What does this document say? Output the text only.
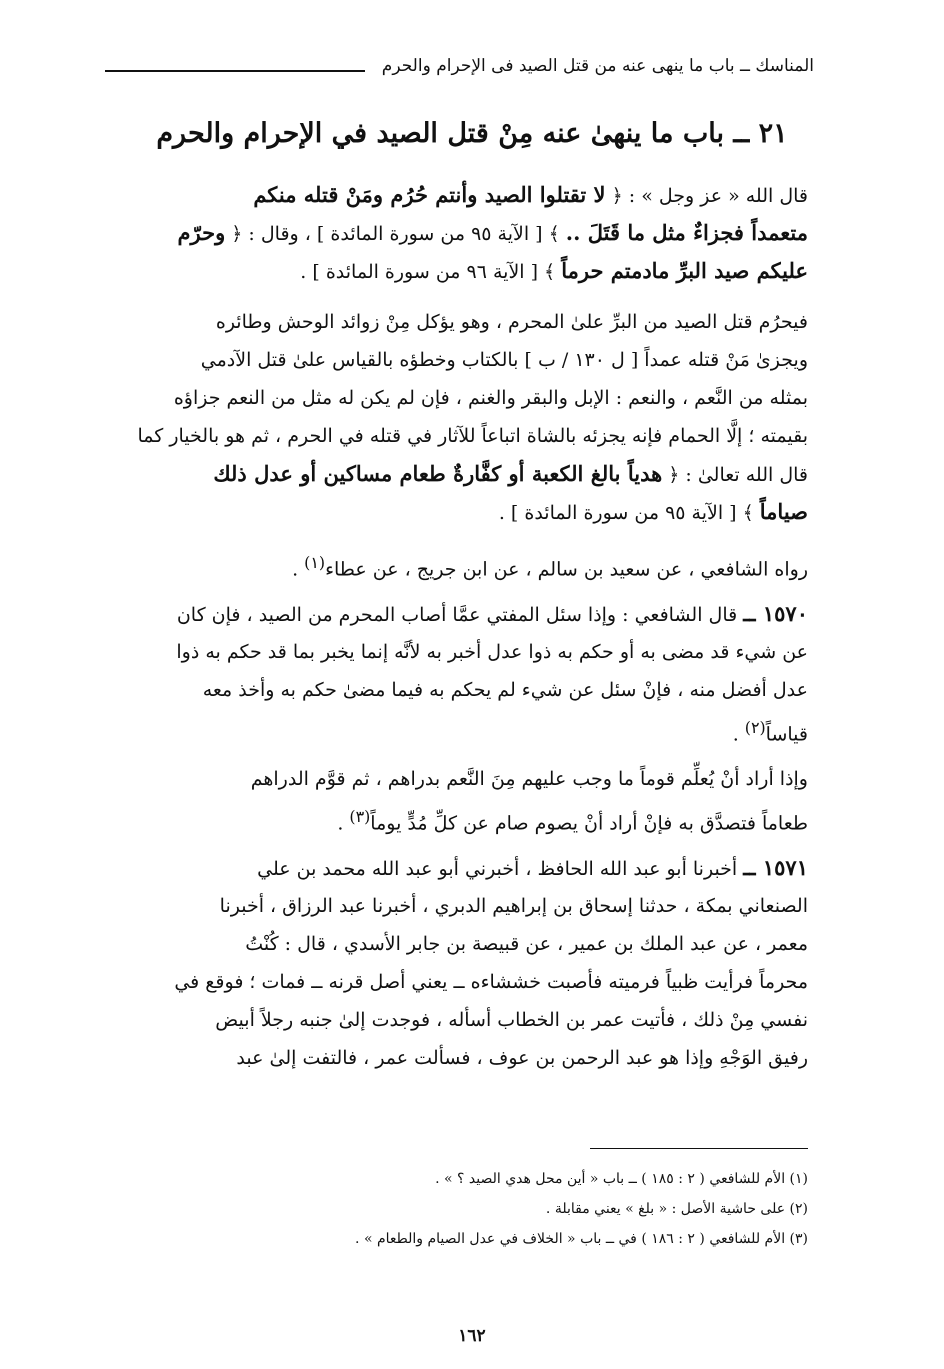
المناسك ــ باب ما ينهى عنه من قتل الصيد فى الإحرام والحرم
٢١ ــ باب ما ينهىٰ عنه مِنْ قتل الصيد في الإحرام والحرم
قال الله « عز وجل » : ﴿ لا تقتلوا الصيد وأنتم حُرُم ومَنْ قتله منكم
متعمداً فجزاءٌ مثل ما قَتَلَ .. ﴾ [ الآية ٩٥ من سورة المائدة ] ، وقال : ﴿ وحرّم
عليكم صيد البرِّ مادمتم حرماً ﴾ [ الآية ٩٦ من سورة المائدة ] .
فيحرُم قتل الصيد من البرِّ علىٰ المحرم ، وهو يؤكل مِنْ زوائد الوحش وطائره
ويجزىٰ مَنْ قتله عمداً [ ل ١٣٠ / ب ] بالكتاب وخطؤه بالقياس علىٰ قتل الآدمي
بمثله من النَّعم ، والنعم : الإبل والبقر والغنم ، فإن لم يكن له مثل من النعم جزاؤه
بقيمته ؛ إلَّا الحمام فإنه يجزئه بالشاة اتباعاً للآثار في قتله في الحرم ، ثم هو بالخيار كما
قال الله تعالىٰ : ﴿ هدياً بالغ الكعبة أو كفَّارةٌ طعام مساكين أو عدل ذلك
صياماً ﴾ [ الآية ٩٥ من سورة المائدة ] .
رواه الشافعي ، عن سعيد بن سالم ، عن ابن جريج ، عن عطاء$^{(١)}$ .
١٥٧٠ ــ قال الشافعي : وإذا سئل المفتي عمَّا أصاب المحرم من الصيد ، فإن كان
عن شيء قد مضى به أو حكم به ذوا عدل أخبر به لأنَّه إنما يخبر بما قد حكم به ذوا
عدل أفضل منه ، فإنْ سئل عن شيء لم يحكم به فيما مضىٰ حكم به وأخذ معه
قياساً$^{(٢)}$ .
وإذا أراد أنْ يُعلِّم قوماً ما وجب عليهم مِنَ النَّعم بدراهم ، ثم قوَّم الدراهم
طعاماً فتصدَّق به فإنْ أراد أنْ يصوم صام عن كلِّ مُدٍّ يوماً$^{(٣)}$ .
١٥٧١ ــ أخبرنا أبو عبد الله الحافظ ، أخبرني أبو عبد الله محمد بن علي
الصنعاني بمكة ، حدثنا إسحاق بن إبراهيم الدبري ، أخبرنا عبد الرزاق ، أخبرنا
معمر ، عن عبد الملك بن عمير ، عن قبيصة بن جابر الأسدي ، قال : كُنْتُ
محرماً فرأيت ظبياً فرميته فأصبت خششاءه ــ يعني أصل قرنه ــ فمات ؛ فوقع في
نفسي مِنْ ذلك ، فأتيت عمر بن الخطاب أسأله ، فوجدت إلىٰ جنبه رجلاً أبيض
رفيق الوَجْهِ وإذا هو عبد الرحمن بن عوف ، فسألت عمر ، فالتفت إلىٰ عبد
(١) الأم للشافعي ( ٢ : ١٨٥ ) ــ باب « أين محل هدي الصيد ؟ » .
(٢) على حاشية الأصل : « بلغ » يعني مقابلة .
(٣) الأم للشافعي ( ٢ : ١٨٦ ) في ــ باب « الخلاف في عدل الصيام والطعام » .
١٦٢
